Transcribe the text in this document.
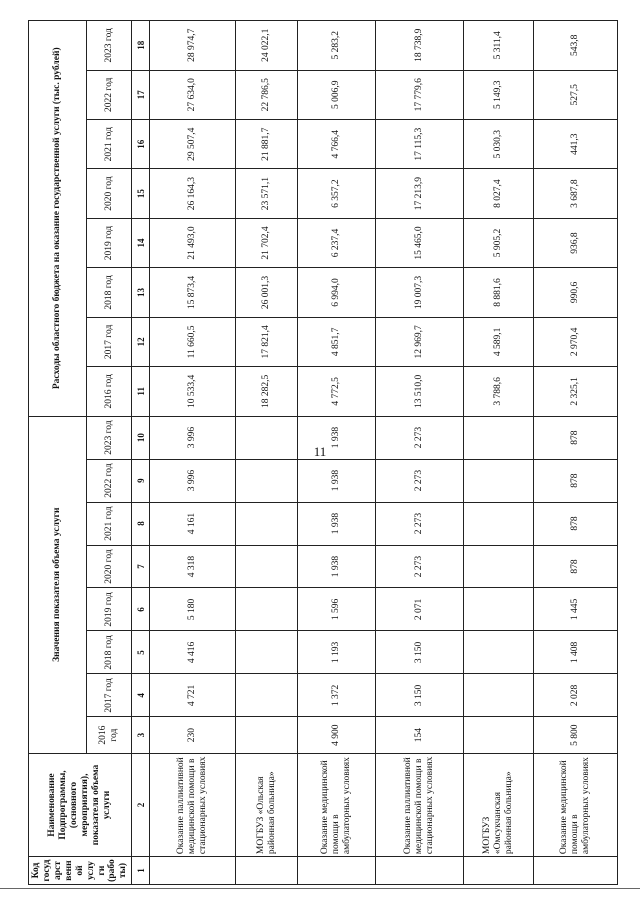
11
Код государственной услуги (работы)	Наименование Подпрограммы, (основного мероприятия), показателя объема услуги	Значения показателя объема услуги								Расходы областного бюджета на оказание государственной услуги (тыс. рублей)							
		2016 год	2017 год	2018 год	2019 год	2020 год	2021 год	2022 год	2023 год	2016 год	2017 год	2018 год	2019 год	2020 год	2021 год	2022 год	2023 год
1	2	3	4	5	6	7	8	9	10	11	12	13	14	15	16	17	18
	Оказание паллиативной медицинской помощи в стационарных условиях	230	4 721	4 416	5 180	4 318	4 161	3 996	3 996	10 533,4	11 660,5	15 873,4	21 493,0	26 164,3	29 507,4	27 634,0	28 974,7
	МОГБУЗ «Ольская районная больница»									18 282,5	17 821,4	26 001,3	21 702,4	23 571,1	21 881,7	22 786,5	24 022,1
	Оказание медицинской помощи в амбулаторных условиях	4 900	1 372	1 193	1 596	1 938	1 938	1 938	1 938	4 772,5	4 851,7	6 994,0	6 237,4	6 357,2	4 766,4	5 006,9	5 283,2
	Оказание паллиативной медицинской помощи в стационарных условиях	154	3 150	3 150	2 071	2 273	2 273	2 273	2 273	13 510,0	12 969,7	19 007,3	15 465,0	17 213,9	17 115,3	17 779,6	18 738,9
	МОГБУЗ «Омсукчанская районная больница»									3 788,6	4 589,1	8 881,6	5 905,2	8 027,4	5 030,3	5 149,3	5 311,4
	Оказание медицинской помощи в амбулаторных условиях	5 800	2 028	1 408	1 445	878	878	878	878	2 325,1	2 970,4	990,6	936,8	3 687,8	441,3	527,5	543,8
